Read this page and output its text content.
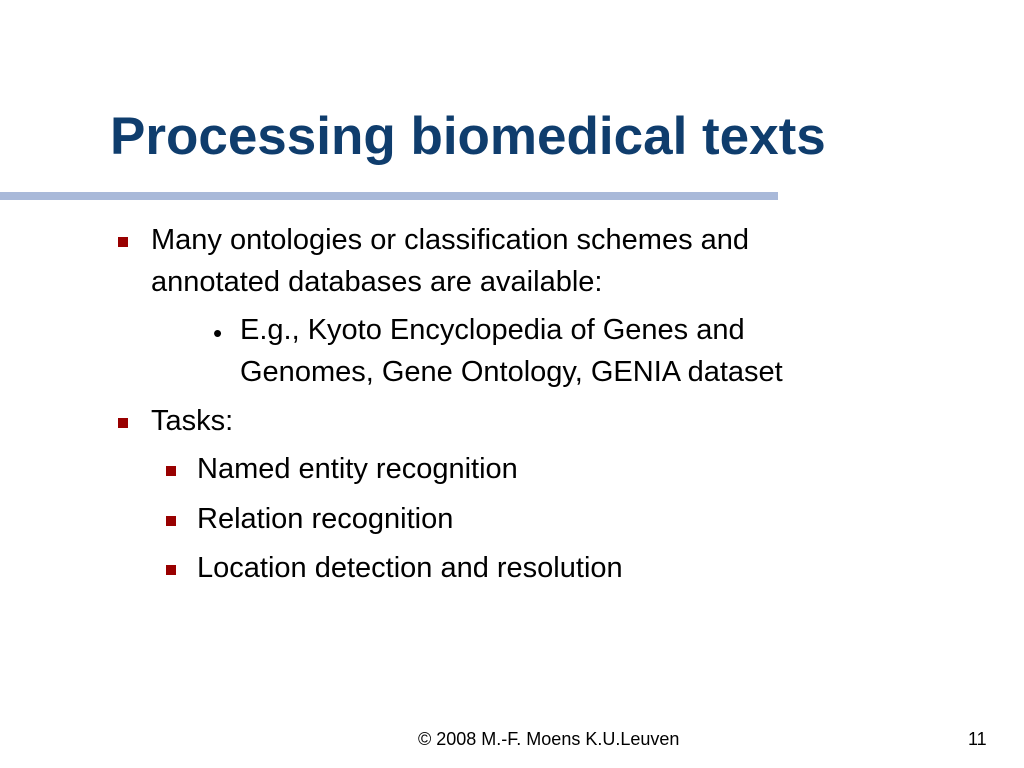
Processing biomedical texts
Many ontologies or classification schemes and
annotated databases are available:
• E.g., Kyoto Encyclopedia of Genes and
Genomes, Gene Ontology, GENIA dataset
Tasks:
Named entity recognition
Relation recognition
Location detection and resolution
© 2008 M.-F. Moens K.U.Leuven	11
